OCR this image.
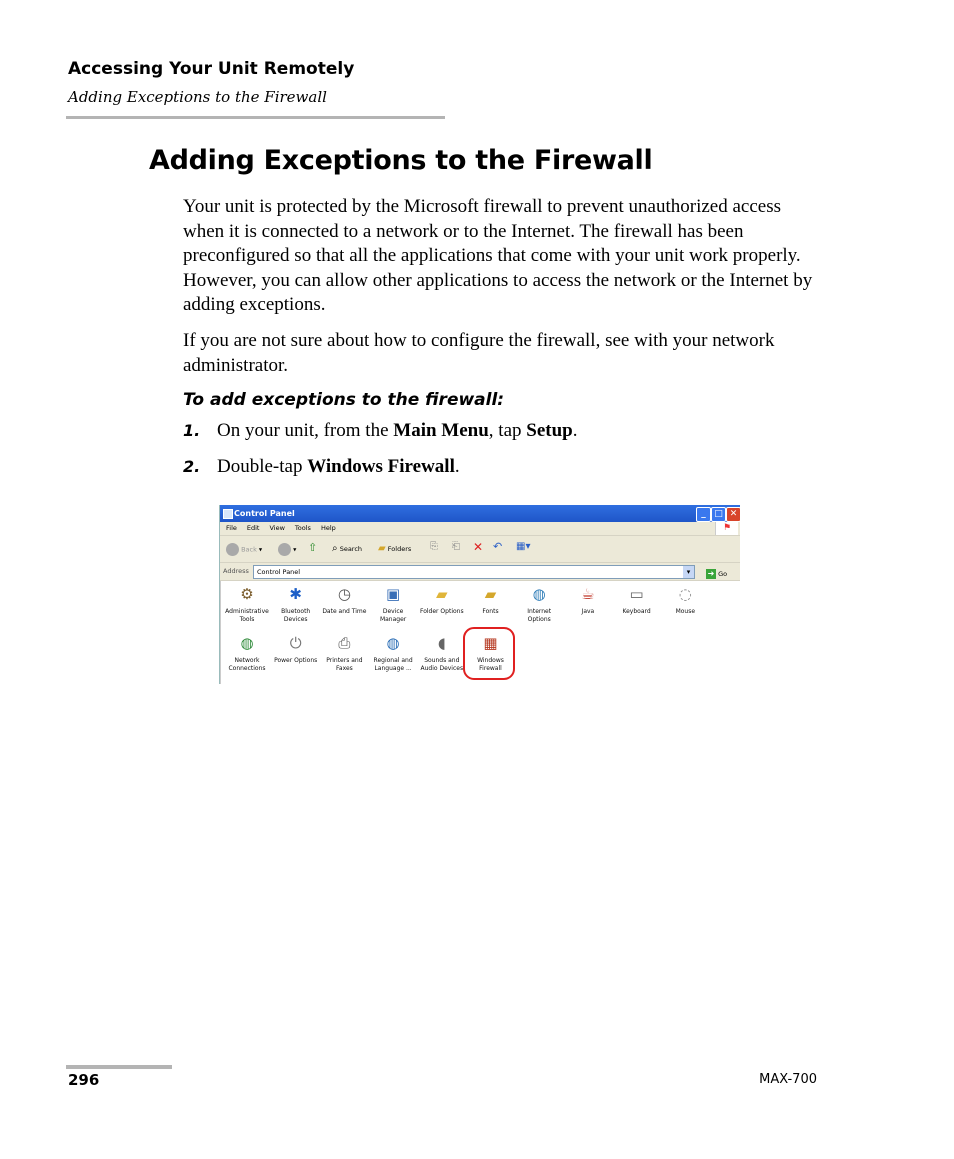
Accessing Your Unit Remotely
Adding Exceptions to the Firewall
Adding Exceptions to the Firewall

Your unit is protected by the Microsoft firewall to prevent unauthorized access when it is connected to a network or to the Internet. The firewall has been preconfigured so that all the applications that come with your unit work properly. However, you can allow other applications to access the network or the Internet by adding exceptions.

If you are not sure about how to configure the firewall, see with your network administrator.

To add exceptions to the firewall:
1. On your unit, from the Main Menu, tap Setup.
2. Double-tap Windows Firewall.
Control Panel	_ □ ✕
File Edit View Tools Help	⚑
Back ▾	▾ ⇧ ⌕ Search ▰ Folders ⎘ ⎗ ✕ ↶ ▦▾
Address	Control Panel	▾	➜ Go
⚙
Administrative
Tools
✱
Bluetooth
Devices
◷
Date and Time
▣
Device
Manager
▰
Folder Options
▰
Fonts
◍
Internet
Options
☕
Java
▭
Keyboard
◌
Mouse
◍
Network
Connections
⏻
Power Options
⎙
Printers and
Faxes
◍
Regional and
Language ...
◖
Sounds and
Audio Devices
▦
Windows
Firewall
296	MAX-700
